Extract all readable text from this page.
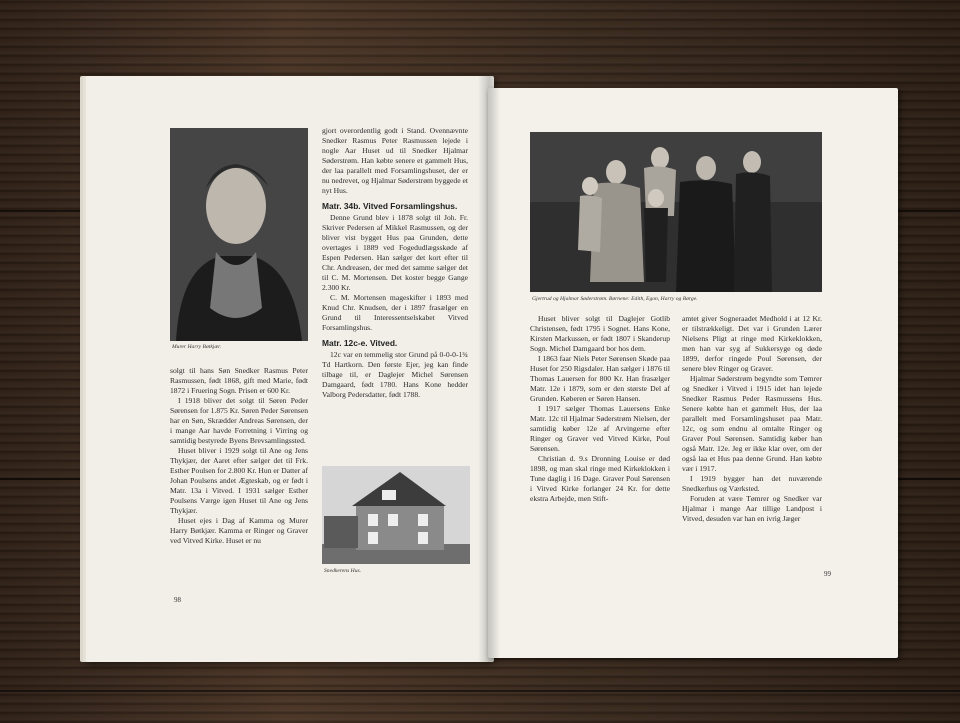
Murer Harry Bøtkjær.

solgt til hans Søn Snedker Rasmus Peter Rasmussen, født 1868, gift med Marie, født 1872 i Fruering Sogn. Prisen er 600 Kr.

I 1918 bliver det solgt til Søren Peder Sørensen for 1.875 Kr. Søren Peder Sørensen har en Søn, Skrædder Andreas Sørensen, der i mange Aar havde Forretning i Virring og samtidig bestyrede Byens Brevsamlingssted.

Huset bliver i 1929 solgt til Ane og Jens Thykjær, der Aaret efter sælger det til Frk. Esther Poulsen for 2.800 Kr. Hun er Datter af Johan Poulsens andet Ægteskab, og er født i Matr. 13a i Vitved. I 1931 sælger Esther Poulsens Værge igen Huset til Ane og Jens Thykjær.

Huset ejes i Dag af Kamma og Murer Harry Bøtkjær. Kamma er Ringer og Graver ved Vitved Kirke. Huset er nu

gjort overordentlig godt i Stand. Ovennævnte Snedker Rasmus Peter Rasmussen lejede i nogle Aar Huset ud til Snedker Hjalmar Søderstrøm. Han købte senere et gammelt Hus, der laa parallelt med Forsamlingshuset, der er nu nedrevet, og Hjalmar Søderstrøm byggede et nyt Hus.

Matr. 34b. Vitved Forsamlingshus.

Denne Grund blev i 1878 solgt til Joh. Fr. Skriver Pedersen af Mikkel Rasmussen, og der bliver vist bygget Hus paa Grunden, dette overtages i 1889 ved Fogedudlægsskøde af Espen Pedersen. Han sælger det kort efter til Chr. Andreasen, der med det samme sælger det til C. M. Mortensen. Det koster begge Gange 2.300 Kr.

C. M. Mortensen mageskifter i 1893 med Knud Chr. Knudsen, der i 1897 frasælger en Grund til Interessentselskabet Vitved Forsamlingshus.

Matr. 12c-e. Vitved.

12c var en temmelig stor Grund på 0-0-0-1¾ Td Hartkorn. Den første Ejer, jeg kan finde tilbage til, er Daglejer Michel Sørensen Damgaard, født 1780. Hans Kone hedder Valborg Pedersdatter, født 1788.

Snedkerens Hus.
98
Gjertrud og Hjalmar Søderstrøm. Børnene: Edith, Egon, Harry og Børge.

Huset bliver solgt til Daglejer Gotlib Christensen, født 1795 i Sognet. Hans Kone, Kirsten Markussen, er født 1807 i Skanderup Sogn. Michel Damgaard bor hos dem.

I 1863 faar Niels Peter Sørensen Skøde paa Huset for 250 Rigsdaler. Han sælger i 1876 til Thomas Lauersen for 800 Kr. Han frasælger Matr. 12e i 1879, som er den største Del af Grunden. Køberen er Søren Hansen.

I 1917 sælger Thomas Lauersens Enke Matr. 12c til Hjalmar Søderstrøm Nielsen, der samtidig køber 12e af Arvingerne efter Ringer og Graver ved Vitved Kirke, Poul Sørensen.

Christian d. 9.s Dronning Louise er død 1898, og man skal ringe med Kirkeklokken i Tune daglig i 16 Dage. Graver Poul Sørensen i Vitved Kirke forlanger 24 Kr. for dette ekstra Arbejde, men Stift-

amtet giver Sogneraadet Medhold i at 12 Kr. er tilstrækkeligt. Det var i Grunden Lærer Nielsens Pligt at ringe med Kirkeklokken, men han var syg af Sukkersyge og døde 1899, derfor ringede Poul Sørensen, der senere blev Ringer og Graver.

Hjalmar Søderstrøm begyndte som Tømrer og Snedker i Vitved i 1915 idet han lejede Snedker Rasmus Peder Rasmussens Hus. Senere købte han et gammelt Hus, der laa parallelt med Forsamlingshuset paa Matr. 12c, og som endnu al omtalte Ringer og Graver Poul Sørensen. Samtidig køber han også Matr. 12e. Jeg er ikke klar over, om der også laa et Hus paa denne Grund. Han købte vær i 1917.

I 1919 bygger han det nuværende Snedkerhus og Værksted.

Foruden at være Tømrer og Snedker var Hjalmar i mange Aar tillige Landpost i Vitved, desuden var han en ivrig Jæger

99
